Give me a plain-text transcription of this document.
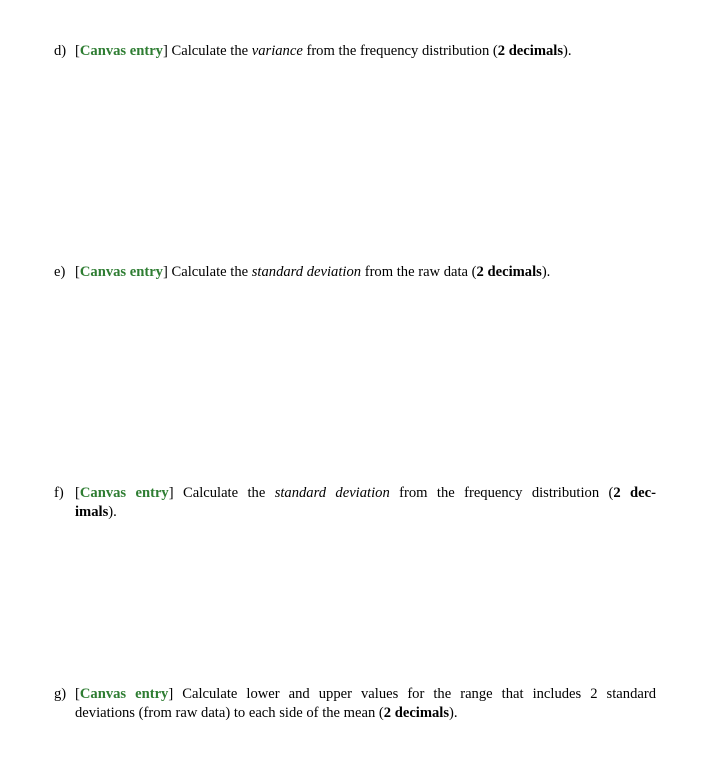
d) [Canvas entry] Calculate the variance from the frequency distribution (2 decimals).
e) [Canvas entry] Calculate the standard deviation from the raw data (2 decimals).
f) [Canvas entry] Calculate the standard deviation from the frequency distribution (2 dec-
imals).
g) [Canvas entry] Calculate lower and upper values for the range that includes 2 standard
deviations (from raw data) to each side of the mean (2 decimals).
